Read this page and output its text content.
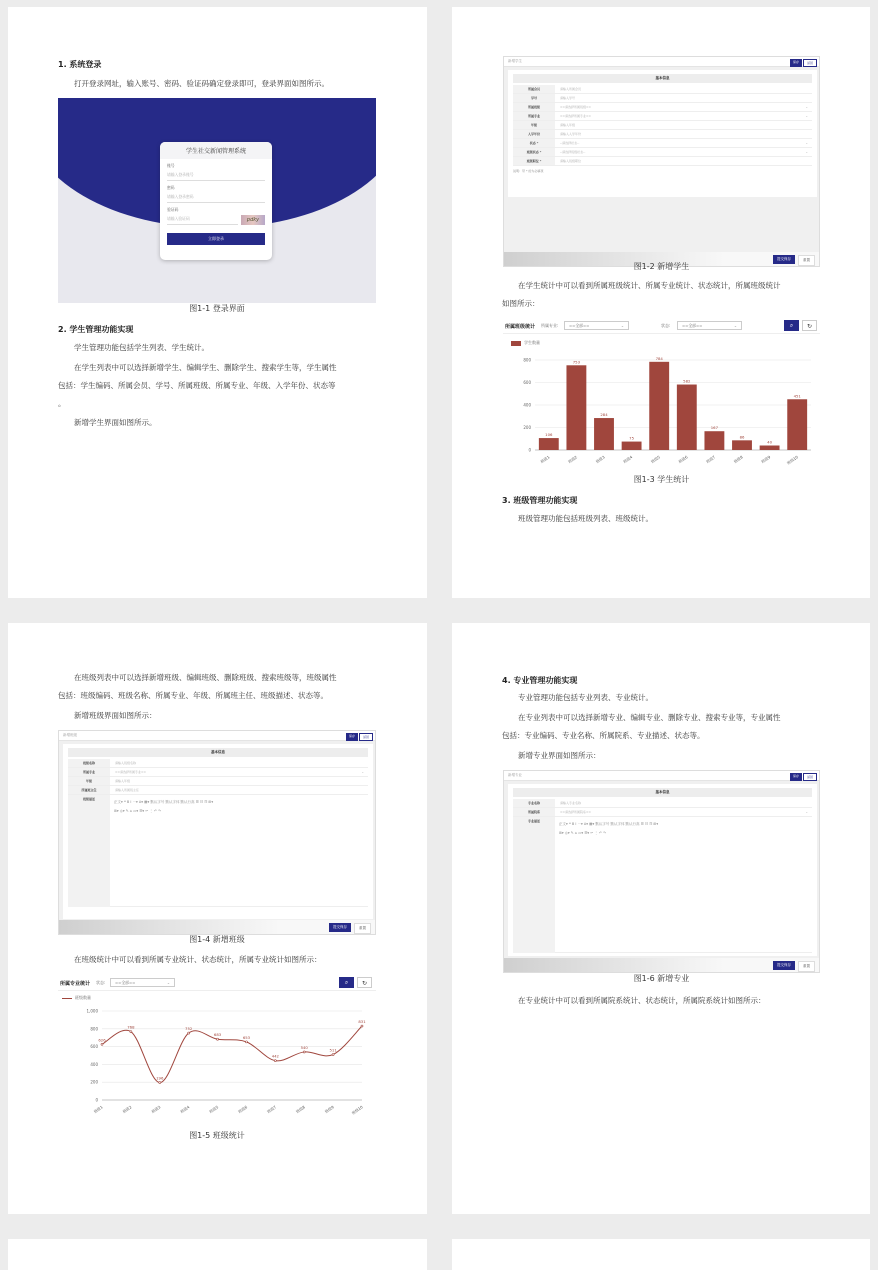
1. 系统登录
打开登录网址，输入账号、密码、验证码确定登录即可，登录界面如图所示。
学生社交新闻管理系统
账号
请输入登录账号
密码
请输入登录密码
验证码
请输入验证码	pdky
立即登录
图1-1 登录界面
2. 学生管理功能实现
学生管理功能包括学生列表、学生统计。
在学生列表中可以选择新增学生、编辑学生、删除学生、搜索学生等，学生属性
包括：学生编码、所属会员、学号、所属班级、所属专业、年级、入学年份、状态等
。
新增学生界面如图所示。
新增学生	保存	返回
基本信息
所属会员	请输入所属会员
学号	请输入学号
所属班级	==请选择所属班级==	⌄
所属专业	==请选择所属专业==	⌄
年级	请输入年级
入学年份	请输入入学年份
状态 *	--请选择状态--	⌄
班级状态 *	--请选择班级状态--	⌄
班级职位 *	请输入班级职位
说明：带 * 的为必填项
提交保存	重置
图1-2 新增学生
在学生统计中可以看到所属班级统计、所属专业统计、状态统计，所属班级统计
如图所示：
所属班级统计 所属专业:	==全部==	⌄	状态:	==全部==	⌄	⌕	↻
学生数量
0
200
400
600
800
106
班级1
753
班级2
284
班级3
75
班级4
784
班级5
582
班级6
167
班级7
86
班级8
40
班级9
451
班级10
图1-3 学生统计
3. 班级管理功能实现
班级管理功能包括班级列表、班级统计。
在班级列表中可以选择新增班级、编辑班级、删除班级、搜索班级等，班级属性
包括：班级编码、班级名称、所属专业、年级、所属班主任、班级描述、状态等。
新增班级界面如图所示：
新增班级	保存	返回
基本信息
班级名称	请输入班级名称
所属专业	==请选择所属专业==	⌄
年级	请输入年级
所属班主任	请输入所属班主任
班级描述
正文▾ ❝ B I ⋯▾ A▾ ▦▾ 默认字号 默认字体 默认行高 ☰ ☷ ☶ ⊞▾
⊞▾ ◎▾ ✎ ⌂ ▭▾ ☰▾ ↩ ⋮ ↶ ↷
提交保存	重置
图1-4 新增班级
在班级统计中可以看到所属专业统计、状态统计，所属专业统计如图所示：
所属专业统计 状态:	==全部==	⌄	⌕	↻
班级数量
0
200
400
600
800
1,000
626
班级1
768
班级2
196
班级3
752
班级4
683
班级5
653
班级6
442
班级7
540
班级8
511
班级9
831
班级10
图1-5 班级统计
4. 专业管理功能实现
专业管理功能包括专业列表、专业统计。
在专业列表中可以选择新增专业、编辑专业、删除专业、搜索专业等，专业属性
包括：专业编码、专业名称、所属院系、专业描述、状态等。
新增专业界面如图所示：
新增专业	保存	返回
基本信息
专业名称	请输入专业名称
所属院系	==请选择所属院系==	⌄
专业描述
正文▾ ❝ B I ⋯▾ A▾ ▦▾ 默认字号 默认字体 默认行高 ☰ ☷ ☶ ⊞▾
⊞▾ ◎▾ ✎ ⌂ ▭▾ ☰▾ ↩ ⋮ ↶ ↷
提交保存	重置
图1-6 新增专业
在专业统计中可以看到所属院系统计、状态统计，所属院系统计如图所示：
